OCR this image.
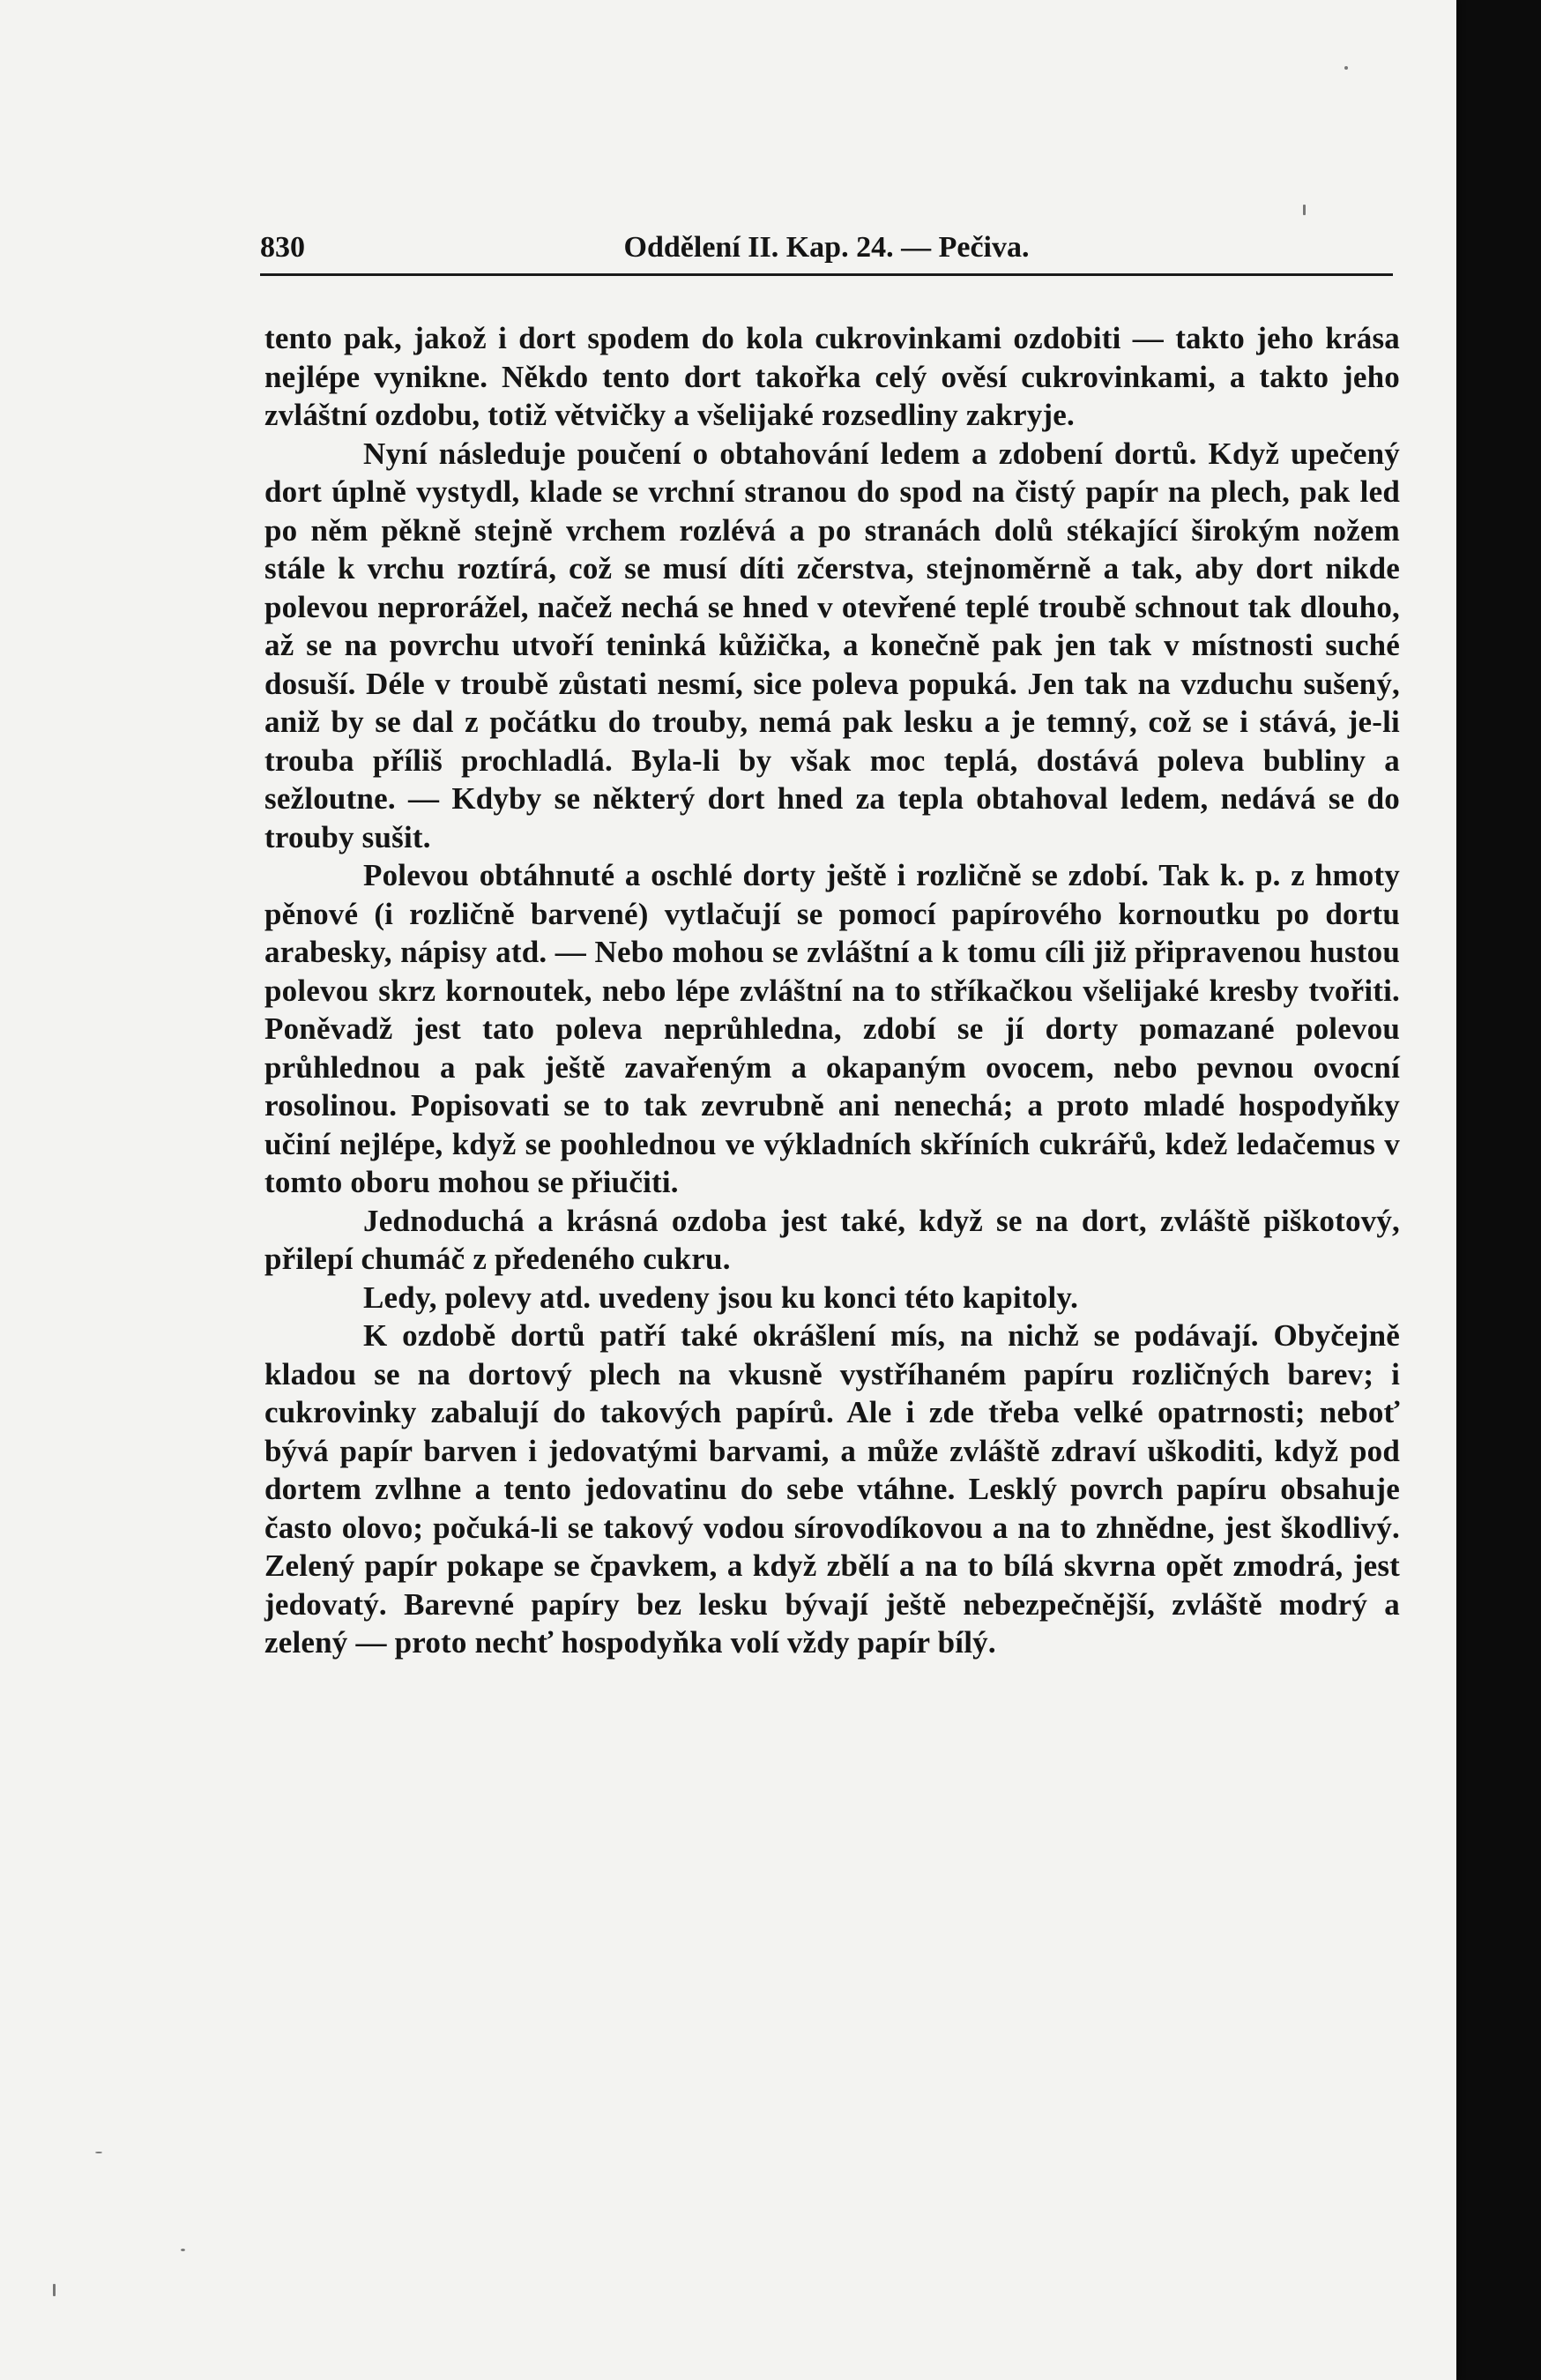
830	Oddělení II. Kap. 24. — Pečiva.

tento pak, jakož i dort spodem do kola cukrovinkami ozdobiti — takto jeho krása nejlépe vynikne. Někdo tento dort takořka celý ověsí cukrovinkami, a takto jeho zvláštní ozdobu, totiž větvičky a všelijaké rozsedliny zakryje.

Nyní následuje poučení o obtahování ledem a zdobení dortů. Když upečený dort úplně vystydl, klade se vrchní stranou do spod na čistý papír na plech, pak led po něm pěkně stejně vrchem rozlévá a po stranách dolů stékající širokým nožem stále k vrchu roztírá, což se musí díti zčerstva, stejnoměrně a tak, aby dort nikde polevou neprorážel, načež nechá se hned v otevřené teplé troubě schnout tak dlouho, až se na povrchu utvoří teninká kůžička, a konečně pak jen tak v místnosti suché dosuší. Déle v troubě zůstati nesmí, sice poleva popuká. Jen tak na vzduchu sušený, aniž by se dal z počátku do trouby, nemá pak lesku a je temný, což se i stává, je-li trouba příliš prochladlá. Byla-li by však moc teplá, dostává poleva bubliny a sežloutne. — Kdyby se některý dort hned za tepla obtahoval ledem, nedává se do trouby sušit.

Polevou obtáhnuté a oschlé dorty ještě i rozličně se zdobí. Tak k. p. z hmoty pěnové (i rozličně barvené) vytlačují se pomocí papírového kornoutku po dortu arabesky, nápisy atd. — Nebo mohou se zvláštní a k tomu cíli již připravenou hustou polevou skrz kornoutek, nebo lépe zvláštní na to stříkačkou všelijaké kresby tvořiti. Poněvadž jest tato poleva neprůhledna, zdobí se jí dorty pomazané polevou průhlednou a pak ještě zavařeným a okapaným ovocem, nebo pevnou ovocní rosolinou. Popisovati se to tak zevrubně ani nenechá; a proto mladé hospodyňky učiní nejlépe, když se poohlednou ve výkladních skříních cukrářů, kdež ledačemus v tomto oboru mohou se přiučiti.

Jednoduchá a krásná ozdoba jest také, když se na dort, zvláště piškotový, přilepí chumáč z předeného cukru.

Ledy, polevy atd. uvedeny jsou ku konci této kapitoly.

K ozdobě dortů patří také okrášlení mís, na nichž se podávají. Obyčejně kladou se na dortový plech na vkusně vystříhaném papíru rozličných barev; i cukrovinky zabalují do takových papírů. Ale i zde třeba velké opatrnosti; neboť bývá papír barven i jedovatými barvami, a může zvláště zdraví uškoditi, když pod dortem zvlhne a tento jedovatinu do sebe vtáhne. Lesklý povrch papíru obsahuje často olovo; počuká-li se takový vodou sírovodíkovou a na to zhnědne, jest škodlivý. Zelený papír pokape se čpavkem, a když zbělí a na to bílá skvrna opět zmodrá, jest jedovatý. Barevné papíry bez lesku bývají ještě nebezpečnější, zvláště modrý a zelený — proto nechť hospodyňka volí vždy papír bílý.
